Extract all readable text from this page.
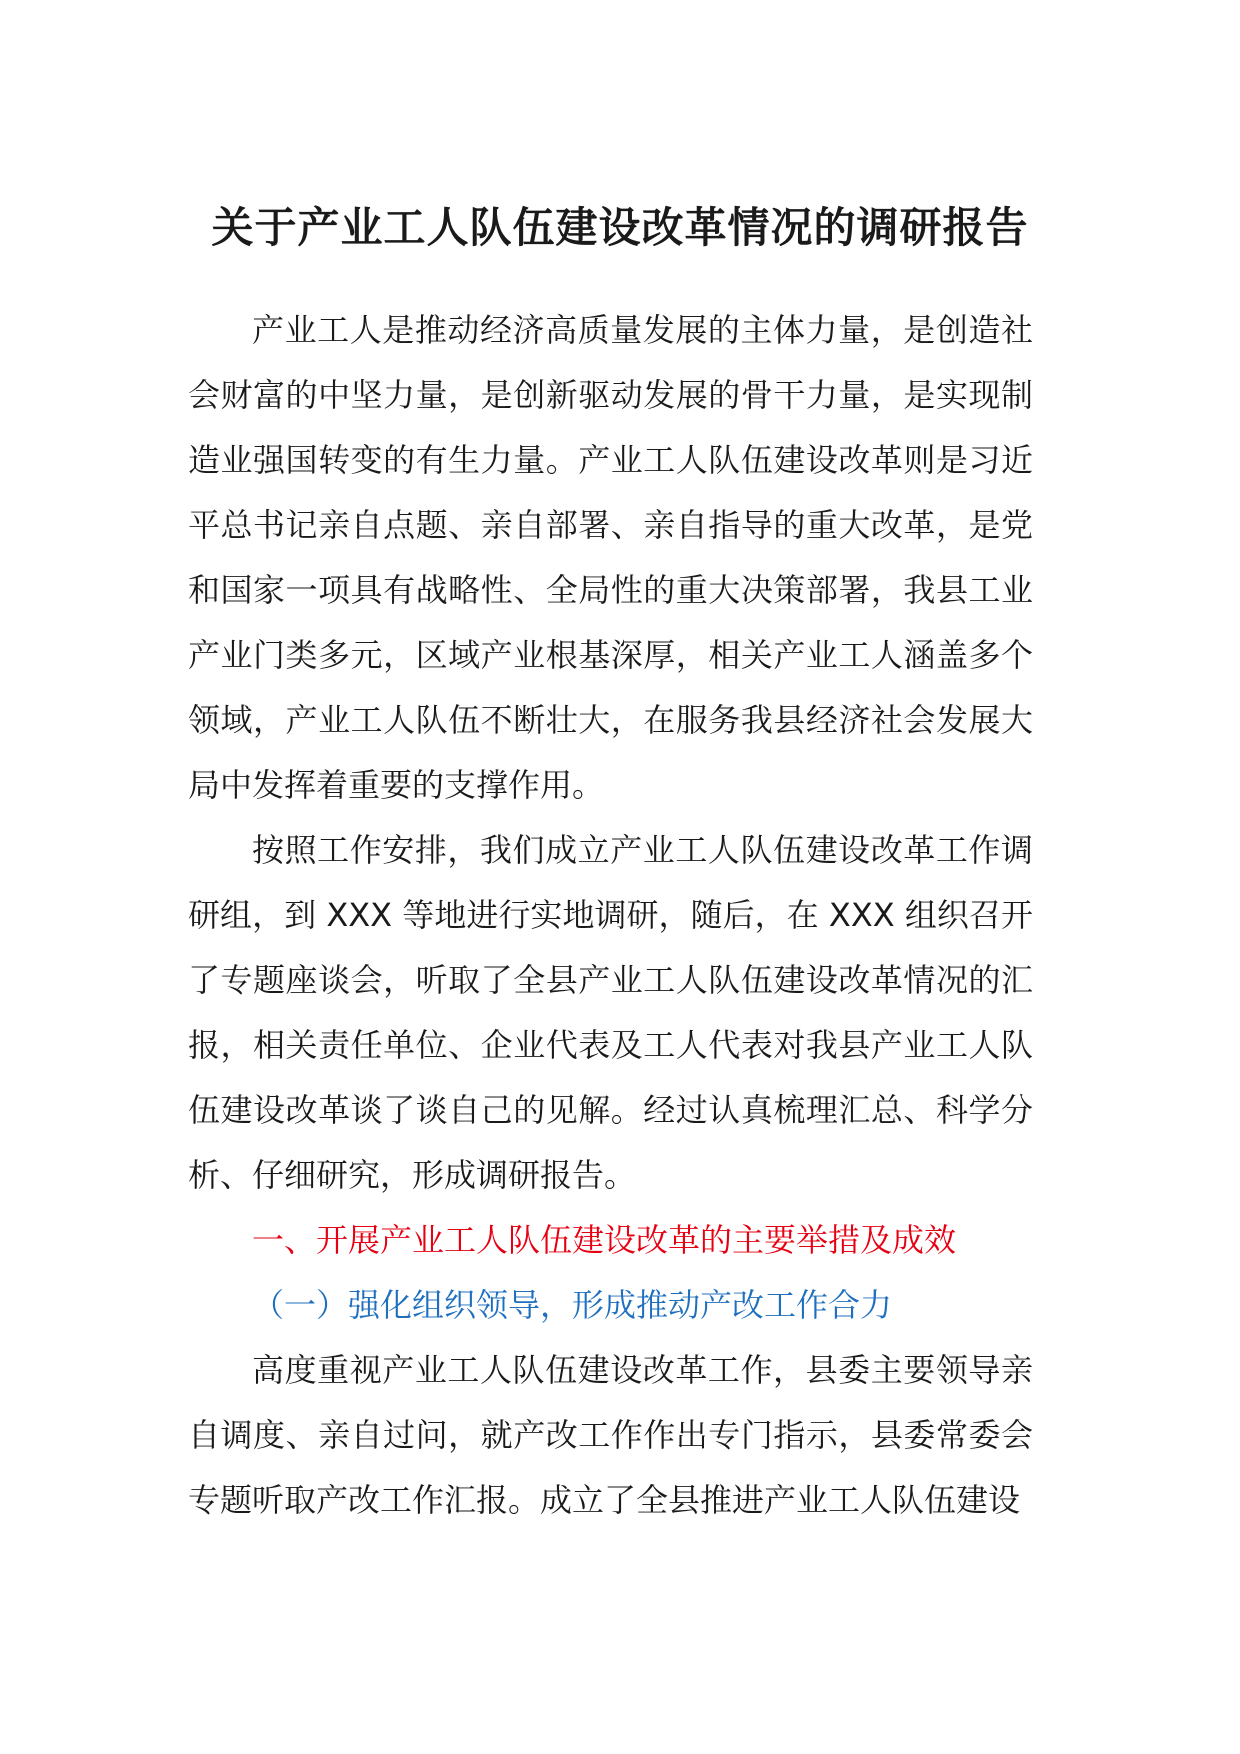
关于产业工人队伍建设改革情况的调研报告

产业工人是推动经济高质量发展的主体力量，是创造社会财富的中坚力量，是创新驱动发展的骨干力量，是实现制造业强国转变的有生力量。产业工人队伍建设改革则是习近平总书记亲自点题、亲自部署、亲自指导的重大改革，是党和国家一项具有战略性、全局性的重大决策部署，我县工业产业门类多元，区域产业根基深厚，相关产业工人涵盖多个领域，产业工人队伍不断壮大，在服务我县经济社会发展大局中发挥着重要的支撑作用。

按照工作安排，我们成立产业工人队伍建设改革工作调研组，到 XXX 等地进行实地调研，随后，在 XXX 组织召开了专题座谈会，听取了全县产业工人队伍建设改革情况的汇报，相关责任单位、企业代表及工人代表对我县产业工人队伍建设改革谈了谈自己的见解。经过认真梳理汇总、科学分析、仔细研究，形成调研报告。

一、开展产业工人队伍建设改革的主要举措及成效

（一）强化组织领导，形成推动产改工作合力

高度重视产业工人队伍建设改革工作，县委主要领导亲自调度、亲自过问，就产改工作作出专门指示，县委常委会专题听取产改工作汇报。成立了全县推进产业工人队伍建设
